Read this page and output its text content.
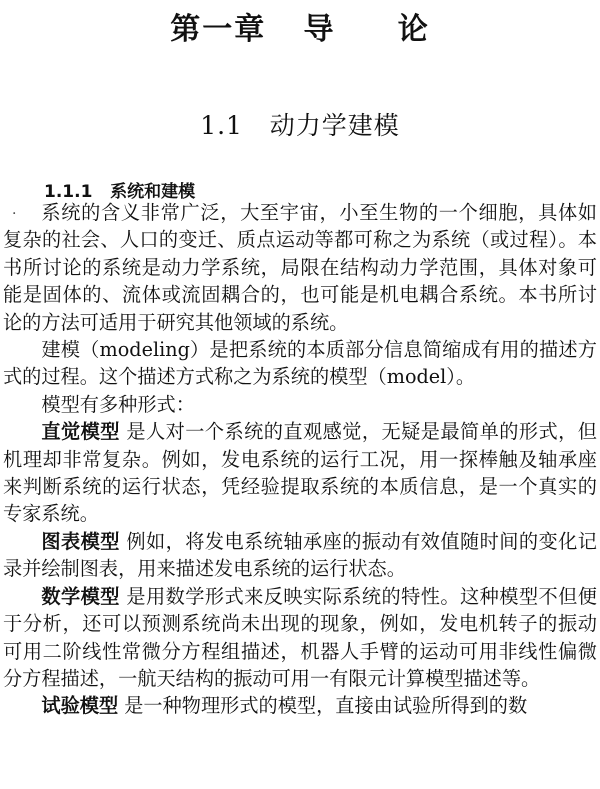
第一章   导     论
1.1   动力学建模
1.1.1   系统和建模
·	系统的含义非常广泛，大至宇宙，小至生物的一个细胞，具体如复杂的社会、人口的变迁、质点运动等都可称之为系统（或过程）。本书所讨论的系统是动力学系统，局限在结构动力学范围，具体对象可能是固体的、流体或流固耦合的，也可能是机电耦合系统。本书所讨论的方法可适用于研究其他领域的系统。

建模（modeling）是把系统的本质部分信息简缩成有用的描述方式的过程。这个描述方式称之为系统的模型（model）。

模型有多种形式：

直觉模型 是人对一个系统的直观感觉，无疑是最简单的形式，但机理却非常复杂。例如，发电系统的运行工况，用一探棒触及轴承座来判断系统的运行状态，凭经验提取系统的本质信息，是一个真实的专家系统。

图表模型 例如，将发电系统轴承座的振动有效值随时间的变化记录并绘制图表，用来描述发电系统的运行状态。

数学模型 是用数学形式来反映实际系统的特性。这种模型不但便于分析，还可以预测系统尚未出现的现象，例如，发电机转子的振动可用二阶线性常微分方程组描述，机器人手臂的运动可用非线性偏微分方程描述，一航天结构的振动可用一有限元计算模型描述等。

试验模型 是一种物理形式的模型，直接由试验所得到的数
